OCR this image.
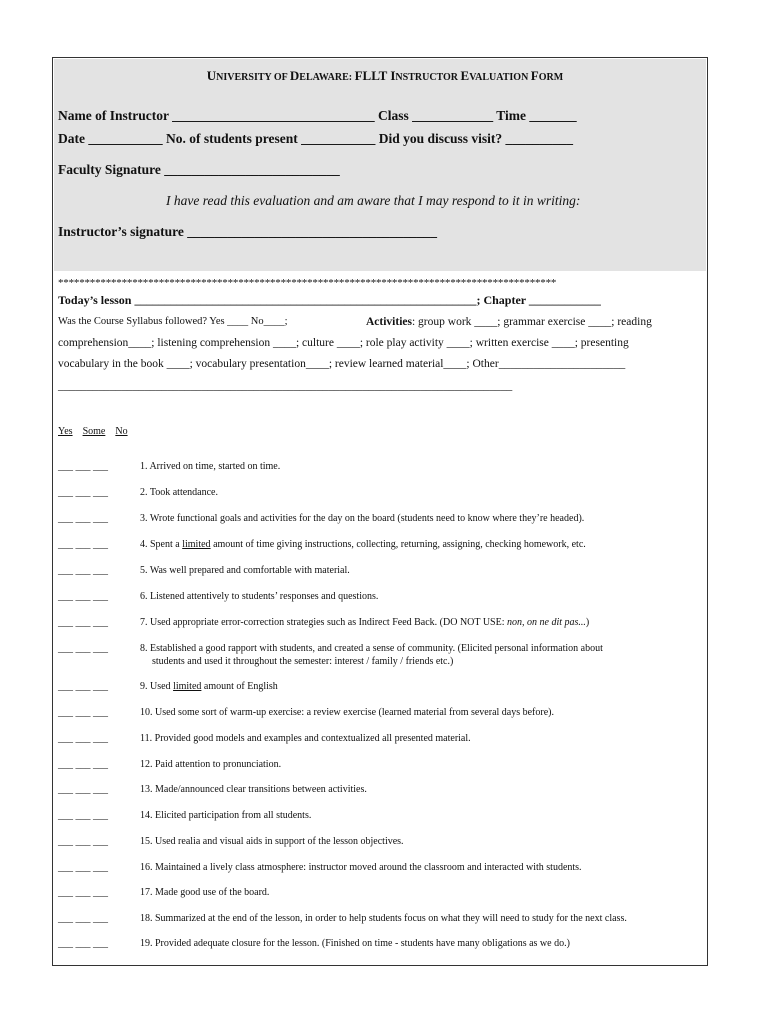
UNIVERSITY OF DELAWARE: FLLT INSTRUCTOR EVALUATION FORM
Name of Instructor ______________________________ Class ____________ Time _______
Date ___________ No. of students present ___________ Did you discuss visit? __________
Faculty Signature __________________________
I have read this evaluation and am aware that I may respond to it in writing:
Instructor’s signature _____________________________________
**********************************************************************************************
Today’s lesson _________________________________________________________; Chapter ____________
Was the Course Syllabus followed? Yes ____ No____;	Activities: group work ____; grammar exercise ____; reading
comprehension____; listening comprehension ____; culture ____; role play activity ____; written exercise ____; presenting
vocabulary in the book ____; vocabulary presentation____; review learned material____; Other______________________
_______________________________________________________________________________
Yes Some No
___ ___ ___	1. Arrived on time, started on time.
___ ___ ___	2. Took attendance.
___ ___ ___	3. Wrote functional goals and activities for the day on the board (students need to know where they’re headed).
___ ___ ___	4. Spent a limited amount of time giving instructions, collecting, returning, assigning, checking homework, etc.
___ ___ ___	5. Was well prepared and comfortable with material.
___ ___ ___	6. Listened attentively to students’ responses and questions.
___ ___ ___	7. Used appropriate error-correction strategies such as Indirect Feed Back. (DO NOT USE: non, on ne dit pas...)
___ ___ ___	8. Established a good rapport with students, and created a sense of community. (Elicited personal information about
students and used it throughout the semester: interest / family / friends etc.)
___ ___ ___	9. Used limited amount of English
___ ___ ___	10. Used some sort of warm-up exercise: a review exercise (learned material from several days before).
___ ___ ___	11. Provided good models and examples and contextualized all presented material.
___ ___ ___	12. Paid attention to pronunciation.
___ ___ ___	13. Made/announced clear transitions between activities.
___ ___ ___	14. Elicited participation from all students.
___ ___ ___	15. Used realia and visual aids in support of the lesson objectives.
___ ___ ___	16. Maintained a lively class atmosphere: instructor moved around the classroom and interacted with students.
___ ___ ___	17. Made good use of the board.
___ ___ ___	18. Summarized at the end of the lesson, in order to help students focus on what they will need to study for the next class.
___ ___ ___	19. Provided adequate closure for the lesson. (Finished on time - students have many obligations as we do.)
